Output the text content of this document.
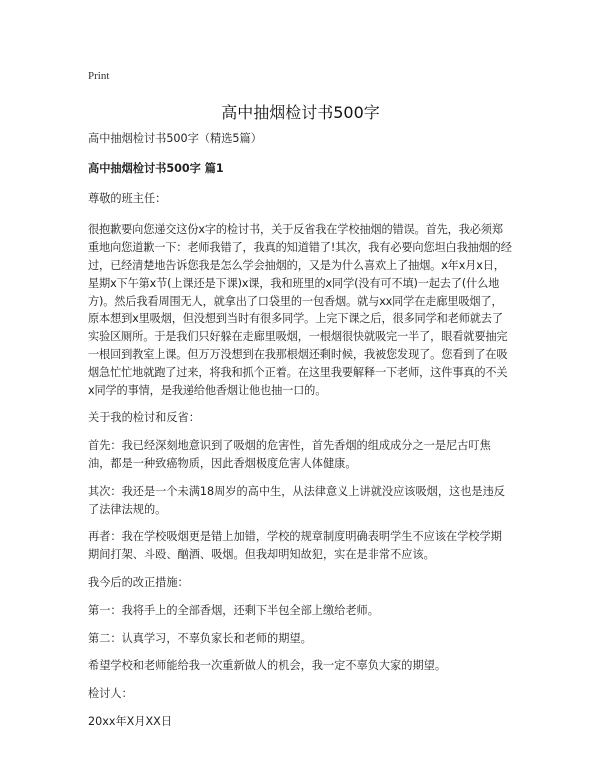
Print
高中抽烟检讨书500字

高中抽烟检讨书500字（精选5篇）

高中抽烟检讨书500字 篇1

尊敬的班主任：

很抱歉要向您递交这份x字的检讨书，关于反省我在学校抽烟的错误。首先，我必须郑重地向您道歉一下：老师我错了，我真的知道错了!其次，我有必要向您坦白我抽烟的经过，已经清楚地告诉您我是怎么学会抽烟的，又是为什么喜欢上了抽烟。x年x月x日，星期x下午第x节(上课还是下课)x课，我和班里的x同学(没有可不填)一起去了(什么地方)。然后我看周围无人，就拿出了口袋里的一包香烟。就与xx同学在走廊里吸烟了，原本想到x里吸烟，但没想到当时有很多同学。上完下课之后，很多同学和老师就去了实验区厕所。于是我们只好躲在走廊里吸烟，一根烟很快就吸完一半了，眼看就要抽完一根回到教室上课。但万万没想到在我那根烟还剩时候，我被您发现了。您看到了在吸烟急忙忙地就跑了过来，将我和抓个正着。在这里我要解释一下老师，这件事真的不关x同学的事情，是我递给他香烟让他也抽一口的。

关于我的检讨和反省：

首先：我已经深刻地意识到了吸烟的危害性，首先香烟的组成成分之一是尼古叮焦油，都是一种致癌物质，因此香烟极度危害人体健康。

其次：我还是一个未满18周岁的高中生，从法律意义上讲就没应该吸烟，这也是违反了法律法规的。

再者：我在学校吸烟更是错上加错，学校的规章制度明确表明学生不应该在学校学期期间打架、斗殴、酗酒、吸烟。但我却明知故犯，实在是非常不应该。

我今后的改正措施：

第一：我将手上的全部香烟，还剩下半包全部上缴给老师。

第二：认真学习，不辜负家长和老师的期望。

希望学校和老师能给我一次重新做人的机会，我一定不辜负大家的期望。

检讨人：

20xx年X月XX日
